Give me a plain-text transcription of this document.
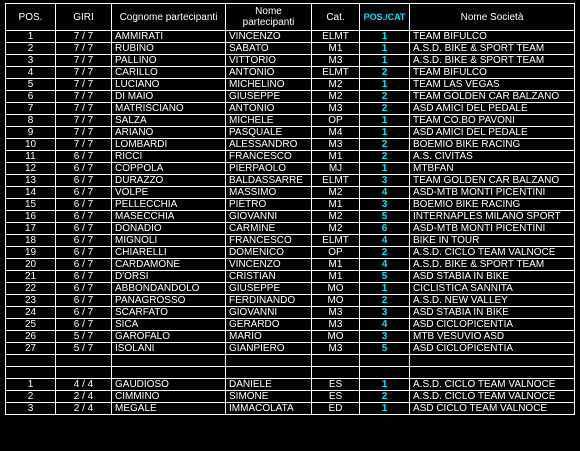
POS.	GIRI	Cognome partecipanti	Nome partecipanti	Cat.	POS./CAT	Nome Società
1	7 / 7	AMMIRATI	VINCENZO	ELMT	1	TEAM BIFULCO
2	7 / 7	RUBINO	SABATO	M1	1	A.S.D. BIKE & SPORT TEAM
3	7 / 7	PALLINO	VITTORIO	M3	1	A.S.D. BIKE & SPORT TEAM
4	7 / 7	CARILLO	ANTONIO	ELMT	2	TEAM BIFULCO
5	7 / 7	LUCIANO	MICHELINO	M2	1	TEAM LAS VEGAS
6	7 / 7	DI MAIO	GIUSEPPE	M2	2	TEAM GOLDEN CAR BALZANO
7	7 / 7	MATRISCIANO	ANTONIO	M3	2	ASD AMICI DEL PEDALE
8	7 / 7	SALZA	MICHELE	OP	1	TEAM CO.BO PAVONI
9	7 / 7	ARIANO	PASQUALE	M4	1	ASD AMICI DEL PEDALE
10	7 / 7	LOMBARDI	ALESSANDRO	M3	2	BOEMIO BIKE RACING
11	6 / 7	RICCI	FRANCESCO	M1	2	A.S. CIVITAS
12	6 / 7	COPPOLA	PIERPAOLO	MJ	1	MTBFAN
13	6 / 7	DURAZZO	BALDASSARRE	ELMT	3	TEAM GOLDEN CAR BALZANO
14	6 / 7	VOLPE	MASSIMO	M2	4	ASD-MTB MONTI PICENTINI
15	6 / 7	PELLECCHIA	PIETRO	M1	3	BOEMIO BIKE RACING
16	6 / 7	MASECCHIA	GIOVANNI	M2	5	INTERNAPLES MILANO SPORT
17	6 / 7	DONADIO	CARMINE	M2	6	ASD-MTB MONTI PICENTINI
18	6 / 7	MIGNOLI	FRANCESCO	ELMT	4	BIKE IN TOUR
19	6 / 7	CHIARELLI	DOMENICO	OP	2	A.S.D. CICLO TEAM VALNOCE
20	6 / 7	CARDAMONE	VINCENZO	M1	4	A.S.D. BIKE & SPORT TEAM
21	6 / 7	D'ORSI	CRISTIAN	M1	5	ASD STABIA IN BIKE
22	6 / 7	ABBONDANDOLO	GIUSEPPE	MO	1	CICLISTICA SANNITA
23	6 / 7	PANAGROSSO	FERDINANDO	MO	2	A.S.D. NEW VALLEY
24	6 / 7	SCARFATO	GIOVANNI	M3	3	ASD STABIA IN BIKE
25	6 / 7	SICA	GERARDO	M3	4	ASD CICLOPICENTIA
26	5 / 7	GAROFALO	MARIO	MO	3	MTB VESUVIO ASD
27	5 / 7	ISOLANI	GIANPIERO	M3	5	ASD CICLOPICENTIA

1	4 / 4	GAUDIOSO	DANIELE	ES	1	A.S.D. CICLO TEAM VALNOCE
2	2 / 4	CIMMINO	SIMONE	ES	2	A.S.D. CICLO TEAM VALNOCE
3	2 / 4	MEGALE	IMMACOLATA	ED	1	ASD CICLO TEAM VALNOCE
